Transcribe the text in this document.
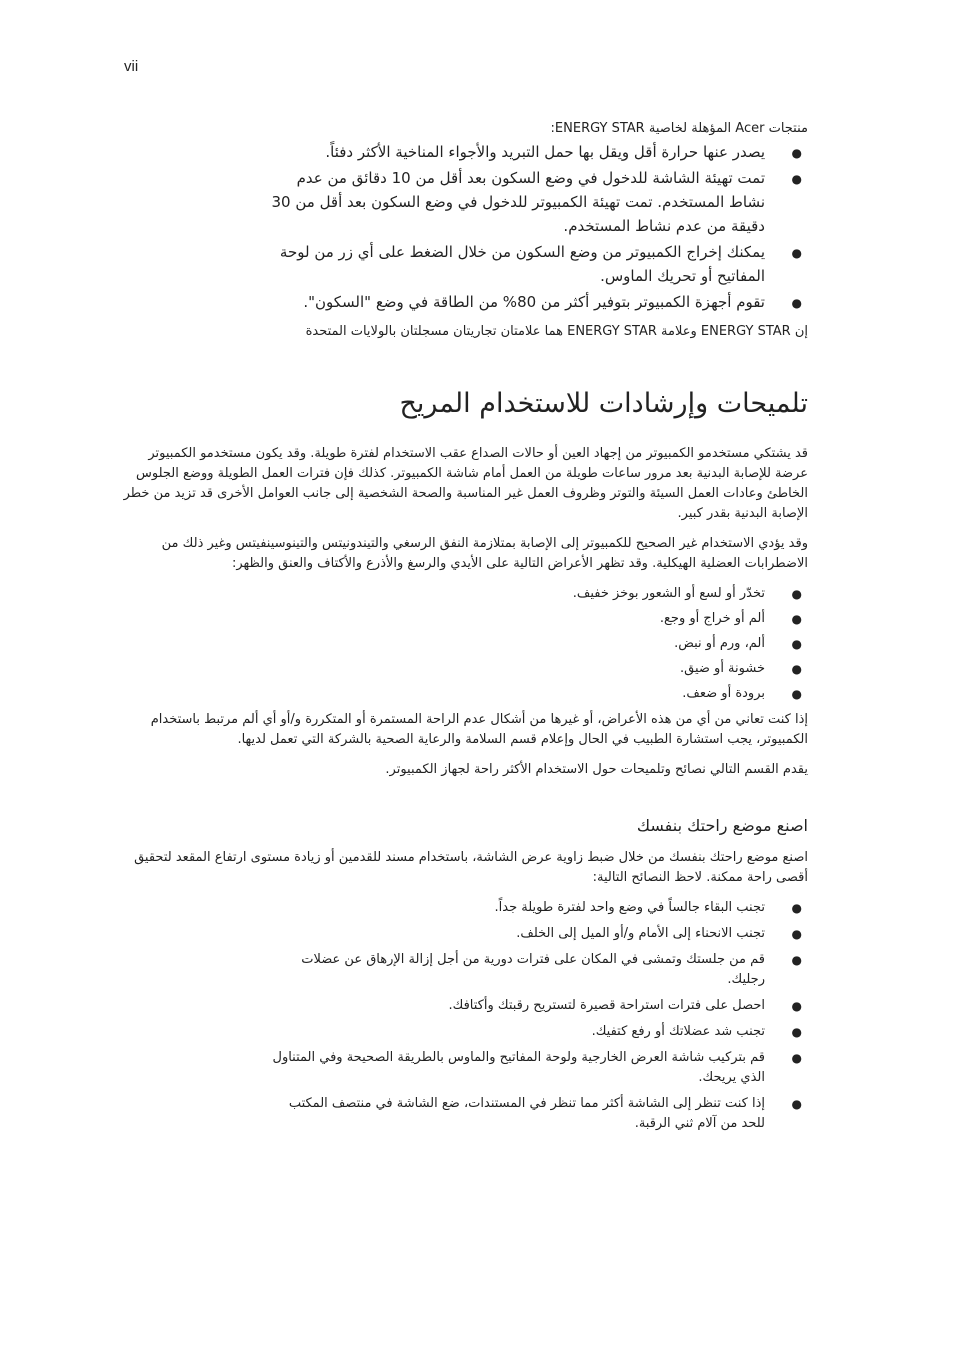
vii

منتجات Acer المؤهلة لخاصية ENERGY STAR:

●
يصدر عنها حرارة أقل ويقل بها حمل التبريد والأجواء المناخية الأكثر دفئاً.
●
تمت تهيئة الشاشة للدخول في وضع السكون بعد أقل من 10 دقائق من عدم نشاط المستخدم. تمت تهيئة الكمبيوتر للدخول في وضع السكون بعد أقل من 30 دقيقة من عدم نشاط المستخدم.
●
يمكنك إخراج الكمبيوتر من وضع السكون من خلال الضغط على أي زر من لوحة المفاتيح أو تحريك الماوس.
●
تقوم أجهزة الكمبيوتر بتوفير أكثر من 80% من الطاقة في وضع "السكون".

إن ENERGY STAR وعلامة ENERGY STAR هما علامتان تجاريتان مسجلتان بالولايات المتحدة

تلميحات وإرشادات للاستخدام المريح

قد يشتكي مستخدمو الكمبيوتر من إجهاد العين أو حالات الصداع عقب الاستخدام لفترة طويلة. وقد يكون مستخدمو الكمبيوتر عرضة للإصابة البدنية بعد مرور ساعات طويلة من العمل أمام شاشة الكمبيوتر. كذلك فإن فترات العمل الطويلة ووضع الجلوس الخاطئ وعادات العمل السيئة والتوتر وظروف العمل غير المناسبة والصحة الشخصية إلى جانب العوامل الأخرى قد تزيد من خطر الإصابة البدنية بقدر كبير.

وقد يؤدي الاستخدام غير الصحيح للكمبيوتر إلى الإصابة بمتلازمة النفق الرسغي والتيندونيتس والتينوسينفيتس وغير ذلك من الاضطرابات العضلية الهيكلية. وقد تظهر الأعراض التالية على الأيدي والرسغ والأذرع والأكتاف والعنق والظهر:

●
تخدّر أو لسع أو الشعور بوخز خفيف.
●
ألم أو خراج أو وجع.
●
ألم، ورم أو نبض.
●
خشونة أو ضيق.
●
برودة أو ضعف.

إذا كنت تعاني من أي من هذه الأعراض، أو غيرها من أشكال عدم الراحة المستمرة أو المتكررة و/أو أي ألم مرتبط باستخدام الكمبيوتر، يجب استشارة الطبيب في الحال وإعلام قسم السلامة والرعاية الصحية بالشركة التي تعمل لديها.

يقدم القسم التالي نصائح وتلميحات حول الاستخدام الأكثر راحة لجهاز الكمبيوتر.

اصنع موضع راحتك بنفسك

اصنع موضع راحتك بنفسك من خلال ضبط زاوية عرض الشاشة، باستخدام مسند للقدمين أو زيادة مستوى ارتفاع المقعد لتحقيق أقصى راحة ممكنة. لاحظ النصائح التالية:

●
تجنب البقاء جالساً في وضع واحد لفترة طويلة جداً.
●
تجنب الانحناء إلى الأمام و/أو الميل إلى الخلف.
●
قم من جلستك وتمشى في المكان على فترات دورية من أجل إزالة الإرهاق عن عضلات رجليك.
●
احصل على فترات استراحة قصيرة لتستريح رقبتك وأكتافك.
●
تجنب شد عضلاتك أو رفع كتفيك.
●
قم بتركيب شاشة العرض الخارجية ولوحة المفاتيح والماوس بالطريقة الصحيحة وفي المتناول الذي يريحك.
●
إذا كنت تنظر إلى الشاشة أكثر مما تنظر في المستندات، ضع الشاشة في منتصف المكتب للحد من آلام ثني الرقبة.
